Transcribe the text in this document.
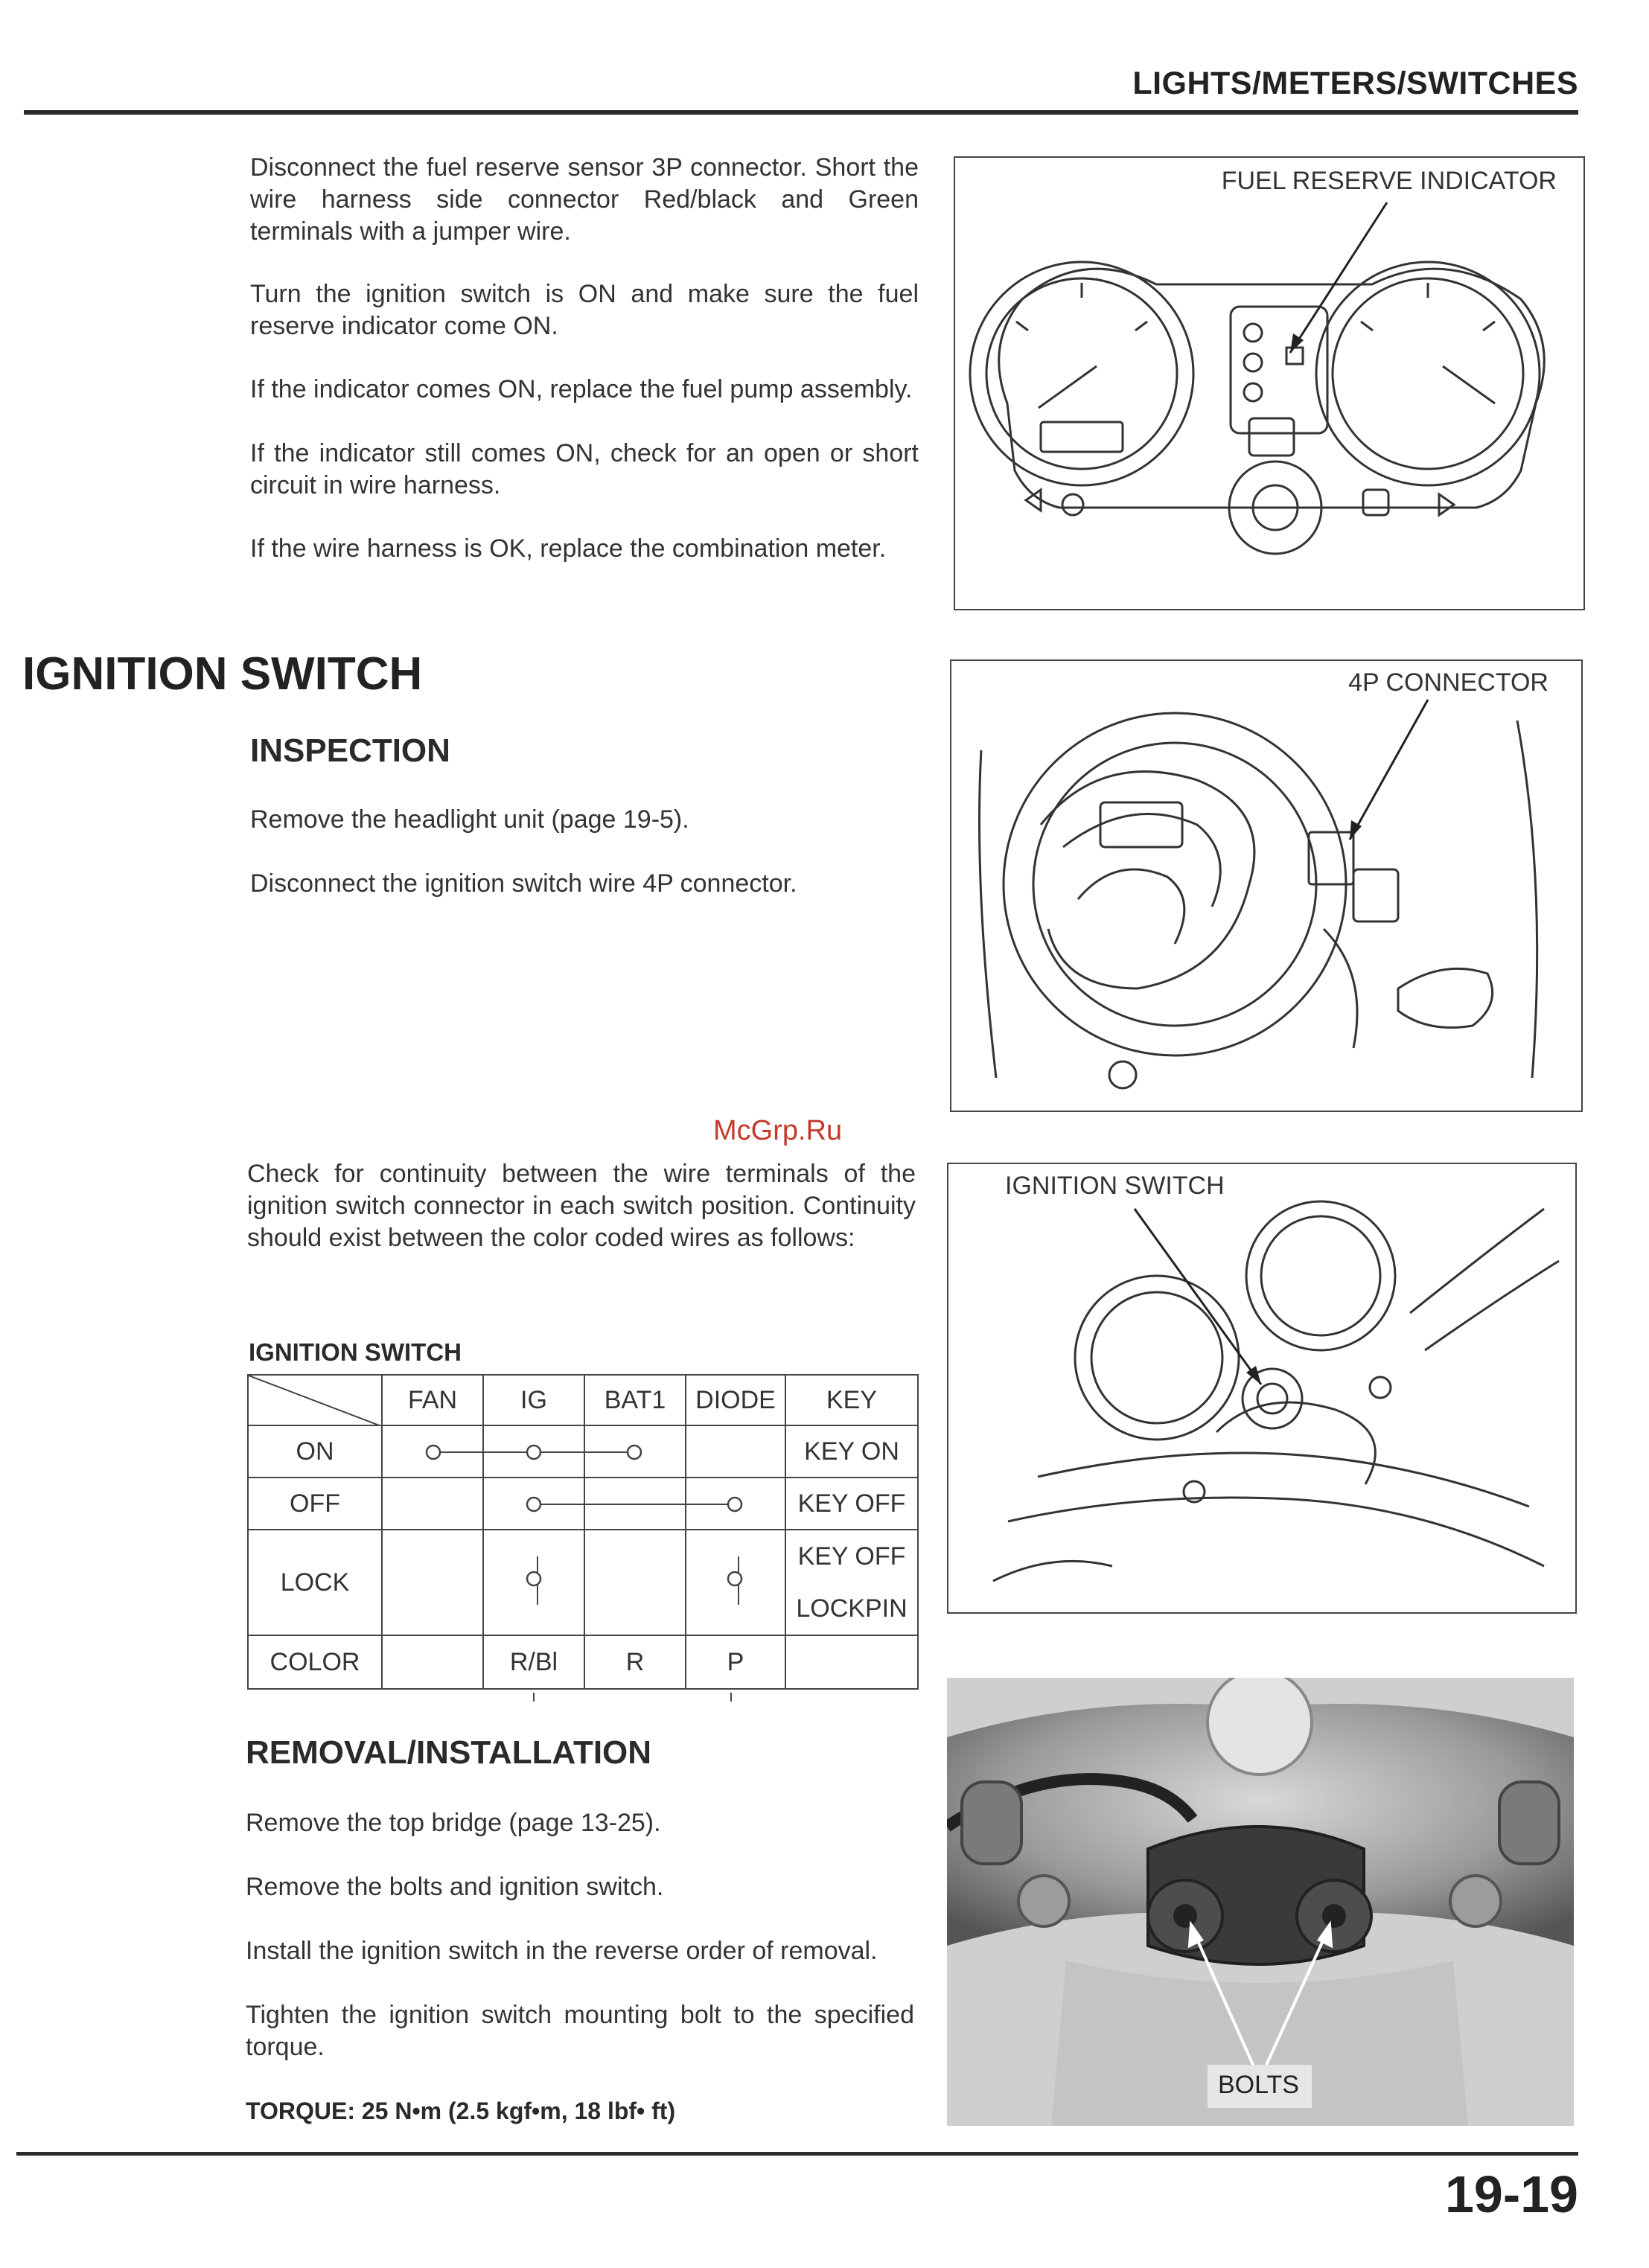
LIGHTS/METERS/SWITCHES

Disconnect the fuel reserve sensor 3P connector. Short the wire harness side connector Red/black and Green terminals with a jumper wire.

Turn the ignition switch is ON and make sure the fuel reserve indicator come ON.

If the indicator comes ON, replace the fuel pump assembly.

If the indicator still comes ON, check for an open or short circuit in wire harness.

If the wire harness is OK, replace the combination meter.

FUEL RESERVE INDICATOR
IGNITION SWITCH
INSPECTION

Remove the headlight unit (page 19-5).

Disconnect the ignition switch wire 4P connector.

4P CONNECTOR
McGrp.Ru

Check for continuity between the wire terminals of the ignition switch connector in each switch position. Continuity should exist between the color coded wires as follows:

IGNITION SWITCH
IGNITION SWITCH
	FAN	IG	BAT1	DIODE	KEY
ON					KEY ON
OFF					KEY OFF
LOCK					KEY OFF
LOCKPIN

COLOR		R/Bl	R	P	
REMOVAL/INSTALLATION

Remove the top bridge (page 13-25).

Remove the bolts and ignition switch.

Install the ignition switch in the reverse order of removal.

Tighten the ignition switch mounting bolt to the specified torque.

TORQUE: 25 N•m (2.5 kgf•m, 18 lbf• ft)
BOLTS
19-19
